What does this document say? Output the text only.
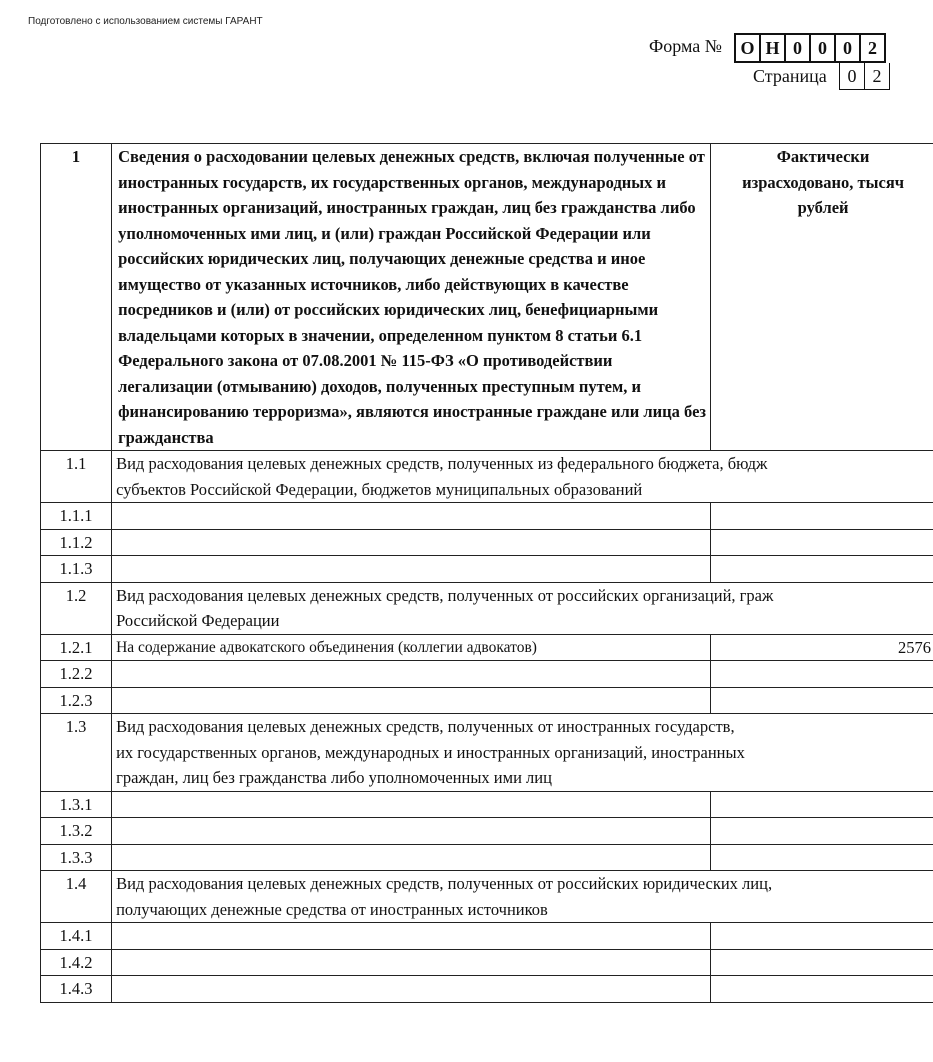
Подготовлено с использованием системы ГАРАНТ
Форма №	О Н 0 0 0 2
Страница	0 2
1	Сведения о расходовании целевых денежных средств, включая полученные от иностранных государств, их государственных органов, международных и иностранных организаций, иностранных граждан, лиц без гражданства либо уполномоченных ими лиц, и (или) граждан Российской Федерации или российских юридических лиц, получающих денежные средства и иное имущество от указанных источников, либо действующих в качестве посредников и (или) от российских юридических лиц, бенефициарными владельцами которых в значении, определенном пунктом 8 статьи 6.1 Федерального закона от 07.08.2001 № 115-ФЗ «О противодействии легализации (отмыванию) доходов, полученных преступным путем, и финансированию терроризма», являются иностранные граждане или лица без гражданства	Фактически израсходовано, тысяч рублей
1.1	Вид расходования целевых денежных средств, полученных из федерального бюджета, бюдж
субъектов Российской Федерации, бюджетов муниципальных образований	

1.1.1		
1.1.2		
1.1.3		
1.2	Вид расходования целевых денежных средств, полученных от российских организаций, граж
Российской Федерации	

1.2.1	На содержание адвокатского объединения (коллегии адвокатов)	2576
1.2.2		
1.2.3		
1.3	Вид расходования целевых денежных средств, полученных от иностранных государств,
их государственных органов, международных и иностранных организаций, иностранных
граждан, лиц без гражданства либо уполномоченных ими лиц	

1.3.1		
1.3.2		
1.3.3		
1.4	Вид расходования целевых денежных средств, полученных от российских юридических лиц,
получающих денежные средства от иностранных источников	

1.4.1		
1.4.2		
1.4.3		
